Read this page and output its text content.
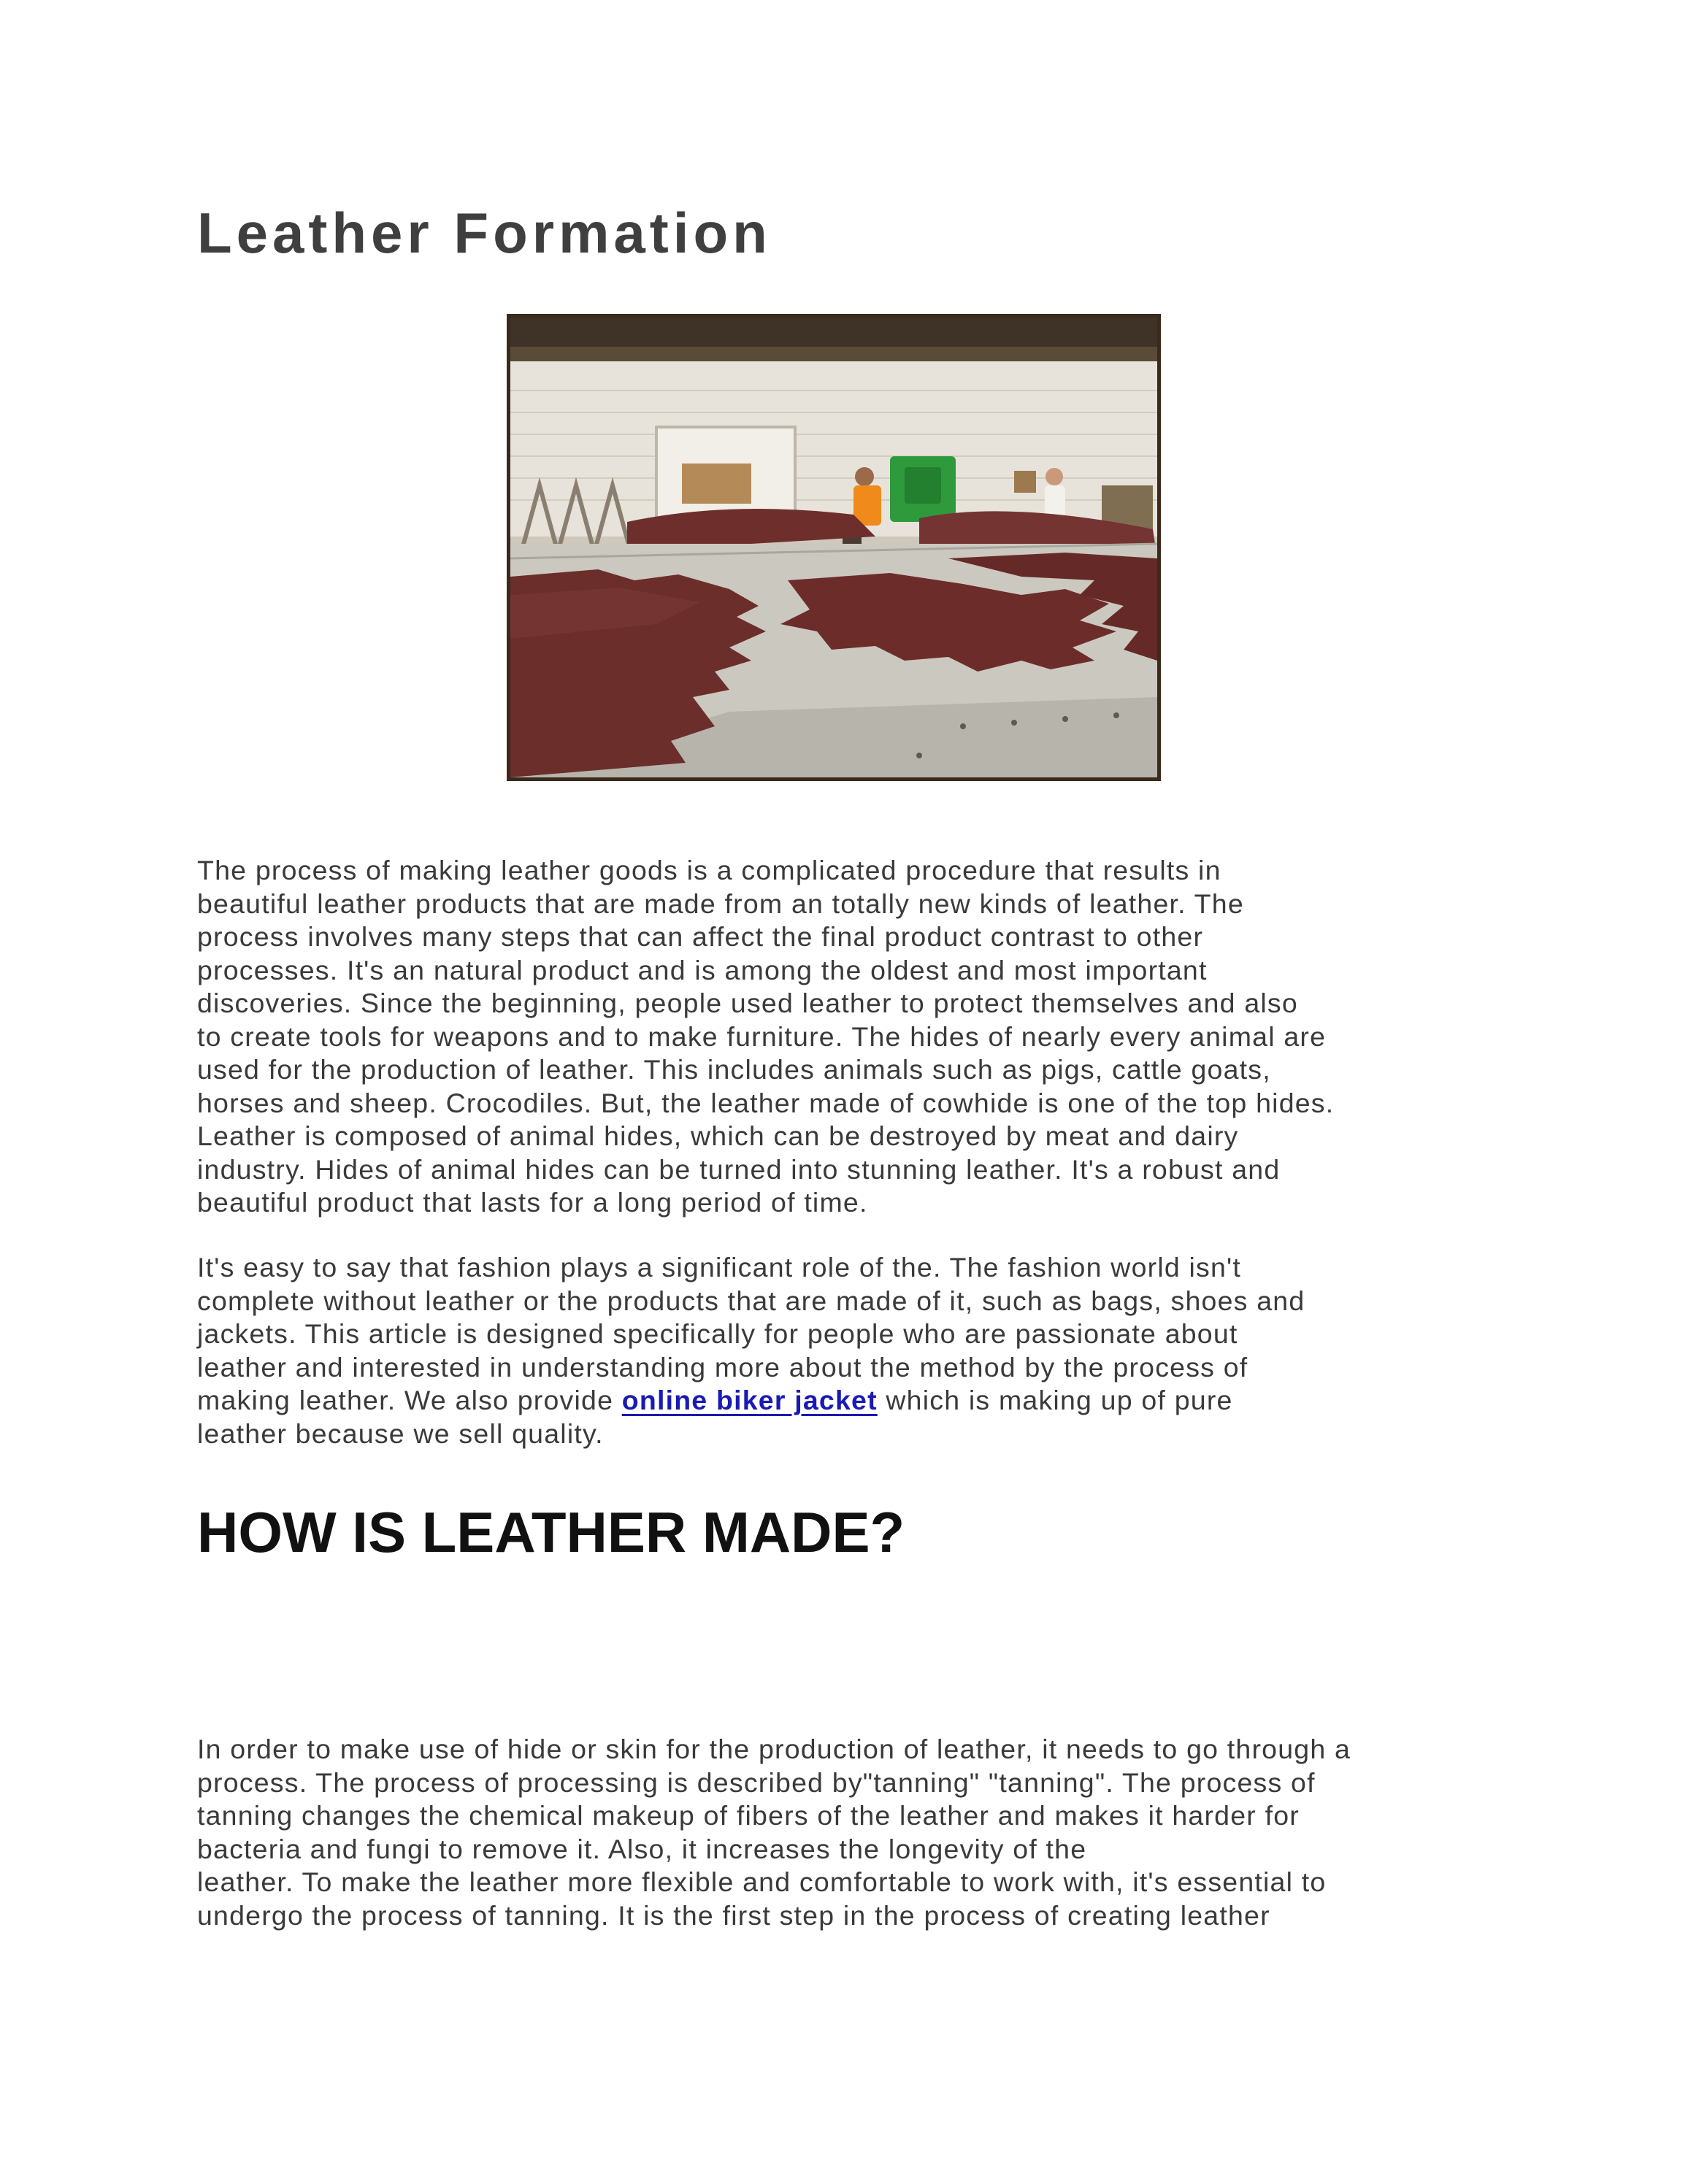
Leather Formation
The process of making leather goods is a complicated procedure that results in
beautiful leather products that are made from an totally new kinds of leather. The
process involves many steps that can affect the final product contrast to other
processes. It's an natural product and is among the oldest and most important
discoveries. Since the beginning, people used leather to protect themselves and also
to create tools for weapons and to make furniture. The hides of nearly every animal are
used for the production of leather. This includes animals such as pigs, cattle goats,
horses and sheep. Crocodiles. But, the leather made of cowhide is one of the top hides.
Leather is composed of animal hides, which can be destroyed by meat and dairy
industry. Hides of animal hides can be turned into stunning leather. It's a robust and
beautiful product that lasts for a long period of time.
It's easy to say that fashion plays a significant role of the. The fashion world isn't
complete without leather or the products that are made of it, such as bags, shoes and
jackets. This article is designed specifically for people who are passionate about
leather and interested in understanding more about the method by the process of
making leather. We also provide online biker jacket which is making up of pure
leather because we sell quality.
HOW IS LEATHER MADE?
In order to make use of hide or skin for the production of leather, it needs to go through a
process. The process of processing is described by"tanning" "tanning". The process of
tanning changes the chemical makeup of fibers of the leather and makes it harder for
bacteria and fungi to remove it. Also, it increases the longevity of the
leather. To make the leather more flexible and comfortable to work with, it's essential to
undergo the process of tanning. It is the first step in the process of creating leather
